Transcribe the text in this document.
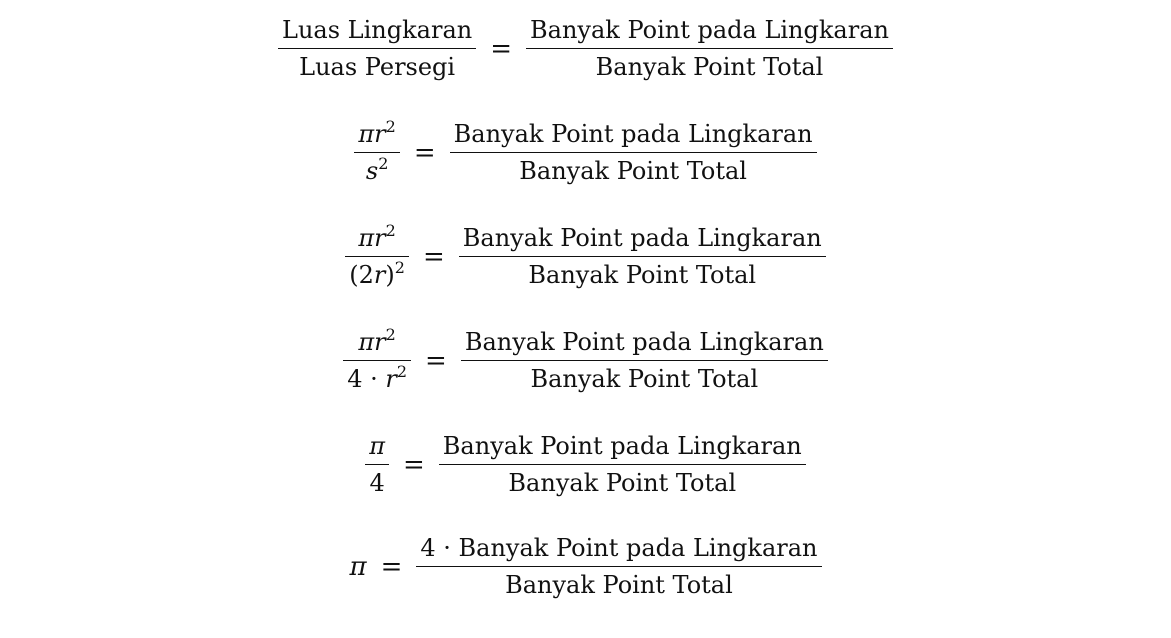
$\frac{\text{Luas Lingkaran}}{\text{Luas Persegi}} = \frac{\text{Banyak Point pada Lingkaran}}{\text{Banyak Point Total}}$
$\frac{\pi r^2}{s^2} = \frac{\text{Banyak Point pada Lingkaran}}{\text{Banyak Point Total}}$
$\frac{\pi r^2}{(2r)^2} = \frac{\text{Banyak Point pada Lingkaran}}{\text{Banyak Point Total}}$
$\frac{\pi r^2}{4 \cdot r^2} = \frac{\text{Banyak Point pada Lingkaran}}{\text{Banyak Point Total}}$
$\frac{\pi}{4} = \frac{\text{Banyak Point pada Lingkaran}}{\text{Banyak Point Total}}$
$\pi = \frac{\text{4 · Banyak Point pada Lingkaran}}{\text{Banyak Point Total}}$
